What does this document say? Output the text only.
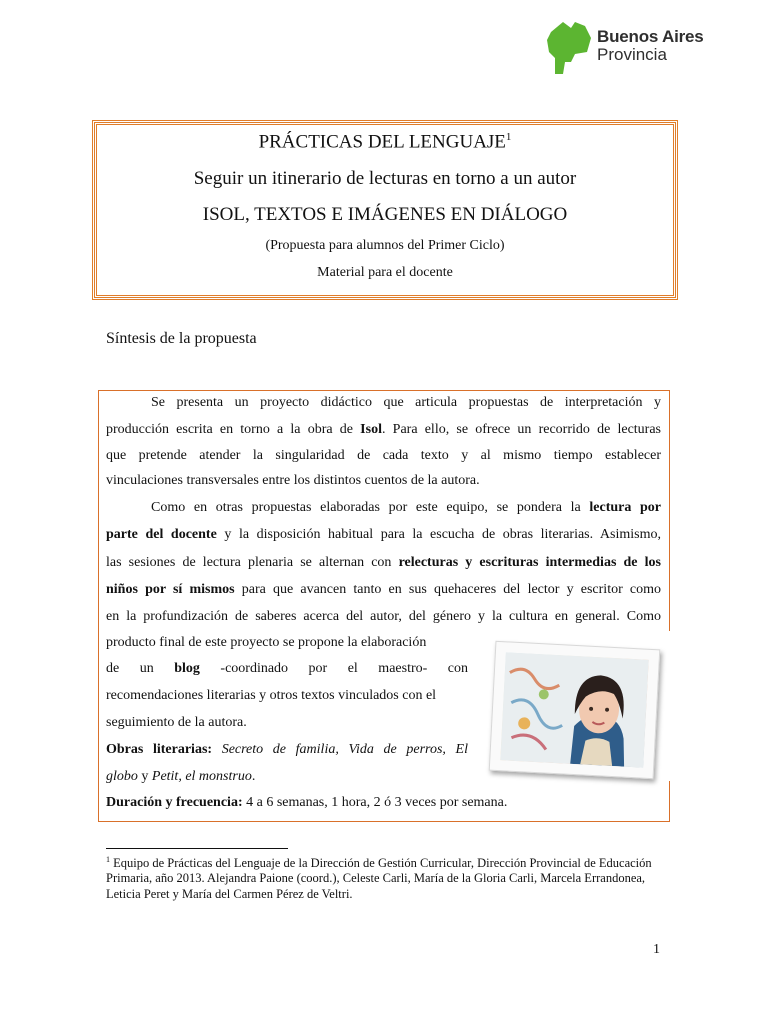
Buenos Aires
Provincia
PRÁCTICAS DEL LENGUAJE$^1$
Seguir un itinerario de lecturas en torno a un autor
ISOL, TEXTOS E IMÁGENES EN DIÁLOGO
(Propuesta para alumnos del Primer Ciclo)
Material para el docente
Síntesis de la propuesta
Se presenta un proyecto didáctico que articula propuestas de interpretación y
producción escrita en torno a la obra de Isol. Para ello, se ofrece un recorrido de lecturas
que pretende atender la singularidad de cada texto y al mismo tiempo establecer
vinculaciones transversales entre los distintos cuentos de la autora.
Como en otras propuestas elaboradas por este equipo, se pondera la lectura por
parte del docente y la disposición habitual para la escucha de obras literarias. Asimismo,
las sesiones de lectura plenaria se alternan con relecturas y escrituras intermedias de los
niños por sí mismos para que avancen tanto en sus quehaceres del lector y escritor como
en la profundización de saberes acerca del autor, del género y la cultura en general. Como
producto final de este proyecto se propone la elaboración
de un blog -coordinado por el maestro- con
recomendaciones literarias y otros textos vinculados con el
seguimiento de la autora.
Obras literarias: Secreto de familia, Vida de perros, El
globo y Petit, el monstruo.
Duración y frecuencia: 4 a 6 semanas, 1 hora, 2 ó 3 veces por semana.
$^1$ Equipo de Prácticas del Lenguaje de la Dirección de Gestión Curricular, Dirección Provincial de Educación
Primaria, año 2013. Alejandra Paione (coord.), Celeste Carli, María de la Gloria Carli, Marcela Errandonea,
Leticia Peret y María del Carmen Pérez de Veltri.
1
